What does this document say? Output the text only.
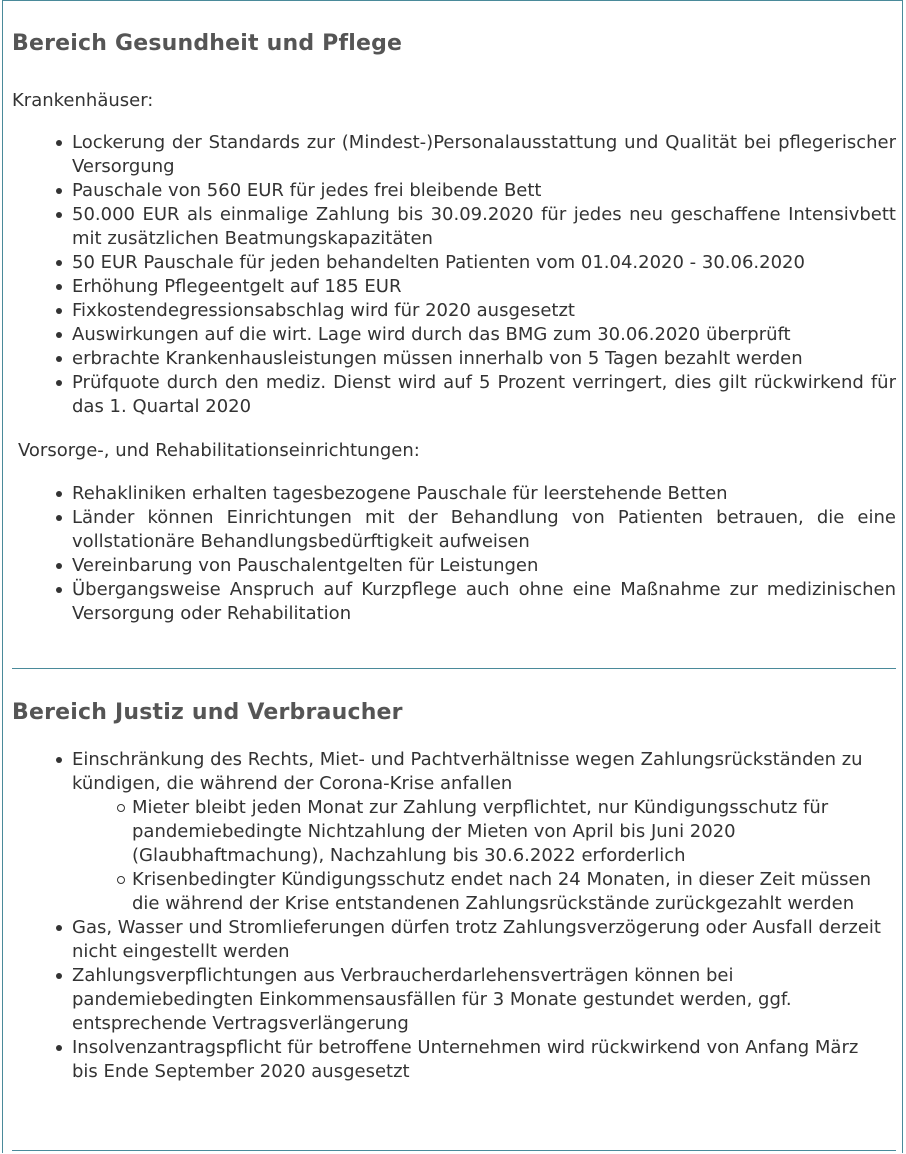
Bereich Gesundheit und Pflege

Krankenhäuser:

Lockerung der Standards zur (Mindest-)Personalausstattung und Qualität bei pflegerischer Versorgung
Pauschale von 560 EUR für jedes frei bleibende Bett
50.000 EUR als einmalige Zahlung bis 30.09.2020 für jedes neu geschaffene Intensivbett mit zusätzlichen Beatmungskapazitäten
50 EUR Pauschale für jeden behandelten Patienten vom 01.04.2020 - 30.06.2020
Erhöhung Pflegeentgelt auf 185 EUR
Fixkostendegressionsabschlag wird für 2020 ausgesetzt
Auswirkungen auf die wirt. Lage wird durch das BMG zum 30.06.2020 überprüft
erbrachte Krankenhausleistungen müssen innerhalb von 5 Tagen bezahlt werden
Prüfquote durch den mediz. Dienst wird auf 5 Prozent verringert, dies gilt rückwirkend für das 1. Quartal 2020

Vorsorge-, und Rehabilitationseinrichtungen:

Rehakliniken erhalten tagesbezogene Pauschale für leerstehende Betten
Länder können Einrichtungen mit der Behandlung von Patienten betrauen, die eine vollstationäre Behandlungsbedürftigkeit aufweisen
Vereinbarung von Pauschalentgelten für Leistungen
Übergangsweise Anspruch auf Kurzpflege auch ohne eine Maßnahme zur medizinischen Versorgung oder Rehabilitation
Bereich Justiz und Verbraucher
Einschränkung des Rechts, Miet- und Pachtverhältnisse wegen Zahlungsrückständen zu kündigen, die während der Corona-Krise anfallen
Mieter bleibt jeden Monat zur Zahlung verpflichtet, nur Kündigungsschutz für pandemiebedingte Nichtzahlung der Mieten von April bis Juni 2020 (Glaubhaftmachung), Nachzahlung bis 30.6.2022 erforderlich
Krisenbedingter Kündigungsschutz endet nach 24 Monaten, in dieser Zeit müssen die während der Krise entstandenen Zahlungsrückstände zurückgezahlt werden
Gas, Wasser und Stromlieferungen dürfen trotz Zahlungsverzögerung oder Ausfall derzeit nicht eingestellt werden
Zahlungsverpflichtungen aus Verbraucherdarlehensverträgen können bei pandemiebedingten Einkommensausfällen für 3 Monate gestundet werden, ggf. entsprechende Vertragsverlängerung
Insolvenzantragspflicht für betroffene Unternehmen wird rückwirkend von Anfang März bis Ende September 2020 ausgesetzt
